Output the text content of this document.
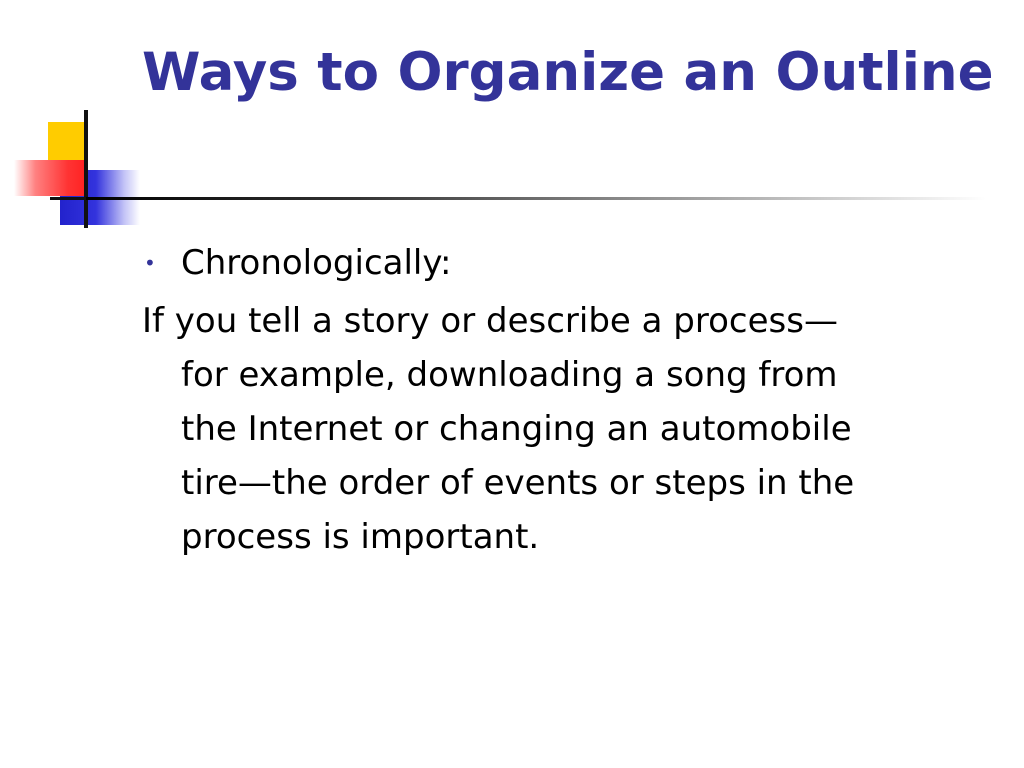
Ways to Organize an Outline
• Chronologically:
If you tell a story or describe a process—
for example, downloading a song from
the Internet or changing an automobile
tire—the order of events or steps in the
process is important.
